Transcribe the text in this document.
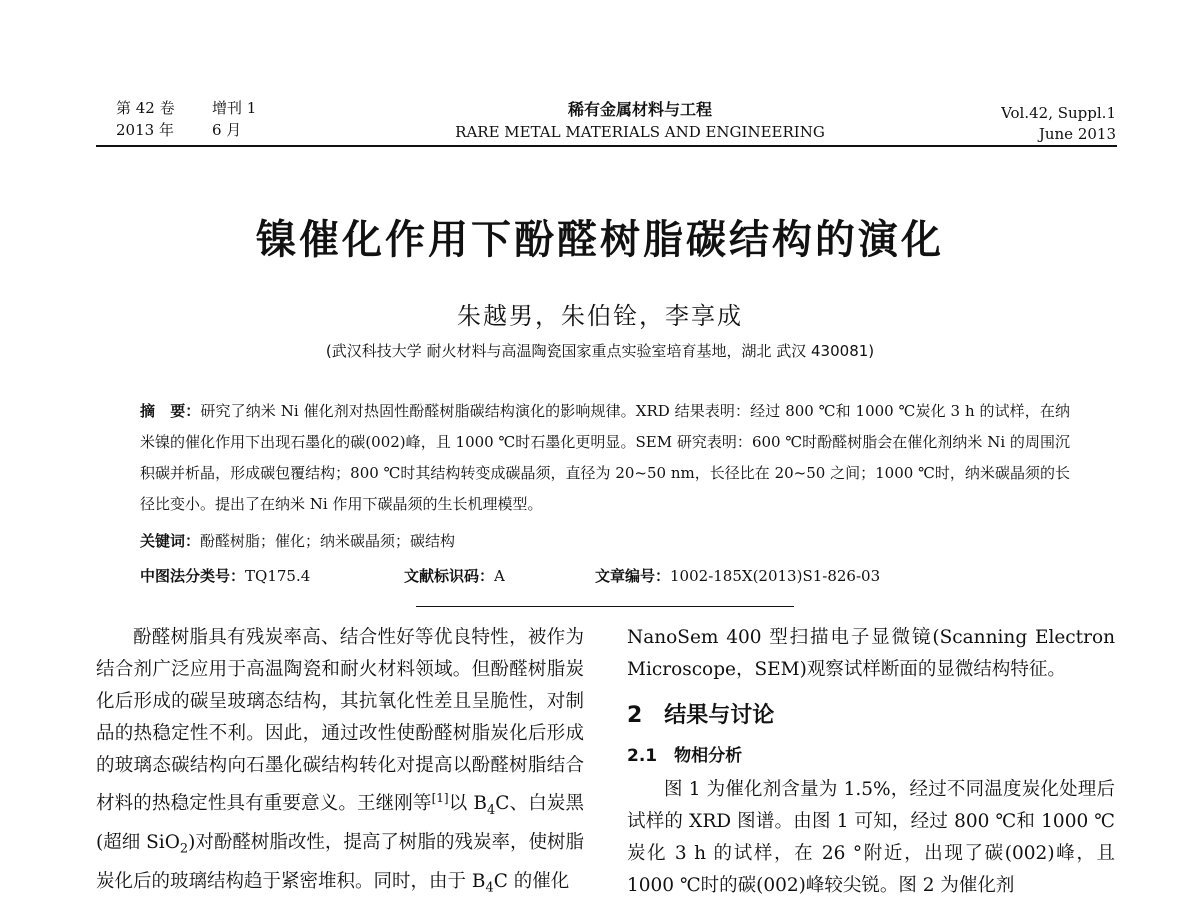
第 42 卷 增刊 1
2013 年	6 月
稀有金属材料与工程
RARE METAL MATERIALS AND ENGINEERING
Vol.42, Suppl.1
June 2013
镍催化作用下酚醛树脂碳结构的演化
朱越男，朱伯铨，李享成
(武汉科技大学 耐火材料与高温陶瓷国家重点实验室培育基地，湖北 武汉 430081)
摘　要：研究了纳米 Ni 催化剂对热固性酚醛树脂碳结构演化的影响规律。XRD 结果表明：经过 800 ℃和 1000 ℃炭化 3 h 的试样，在纳米镍的催化作用下出现石墨化的碳(002)峰，且 1000 ℃时石墨化更明显。SEM 研究表明：600 ℃时酚醛树脂会在催化剂纳米 Ni 的周围沉积碳并析晶，形成碳包覆结构；800 ℃时其结构转变成碳晶须，直径为 20~50 nm，长径比在 20~50 之间；1000 ℃时，纳米碳晶须的长径比变小。提出了在纳米 Ni 作用下碳晶须的生长机理模型。
关键词：酚醛树脂；催化；纳米碳晶须；碳结构
中图法分类号：TQ175.4	文献标识码：A	文章编号：1002-185X(2013)S1-826-03

酚醛树脂具有残炭率高、结合性好等优良特性，被作为结合剂广泛应用于高温陶瓷和耐火材料领域。但酚醛树脂炭化后形成的碳呈玻璃态结构，其抗氧化性差且呈脆性，对制品的热稳定性不利。因此，通过改性使酚醛树脂炭化后形成的玻璃态碳结构向石墨化碳结构转化对提高以酚醛树脂结合材料的热稳定性具有重要意义。王继刚等[1]以 $B_4C$、白炭黑(超细 SiO$_2$)对酚醛树脂改性，提高了树脂的残炭率，使树脂炭化后的玻璃结构趋于紧密堆积。同时，由于 $B_4C$ 的催化

NanoSem 400 型扫描电子显微镜(Scanning Electron Microscope，SEM)观察试样断面的显微结构特征。

2　结果与讨论

2.1　物相分析

图 1 为催化剂含量为 1.5%，经过不同温度炭化处理后试样的 XRD 图谱。由图 1 可知，经过 800 ℃和 1000 ℃炭化 3 h 的试样，在 26 °附近，出现了碳(002)峰，且 1000 ℃时的碳(002)峰较尖锐。图 2 为催化剂
